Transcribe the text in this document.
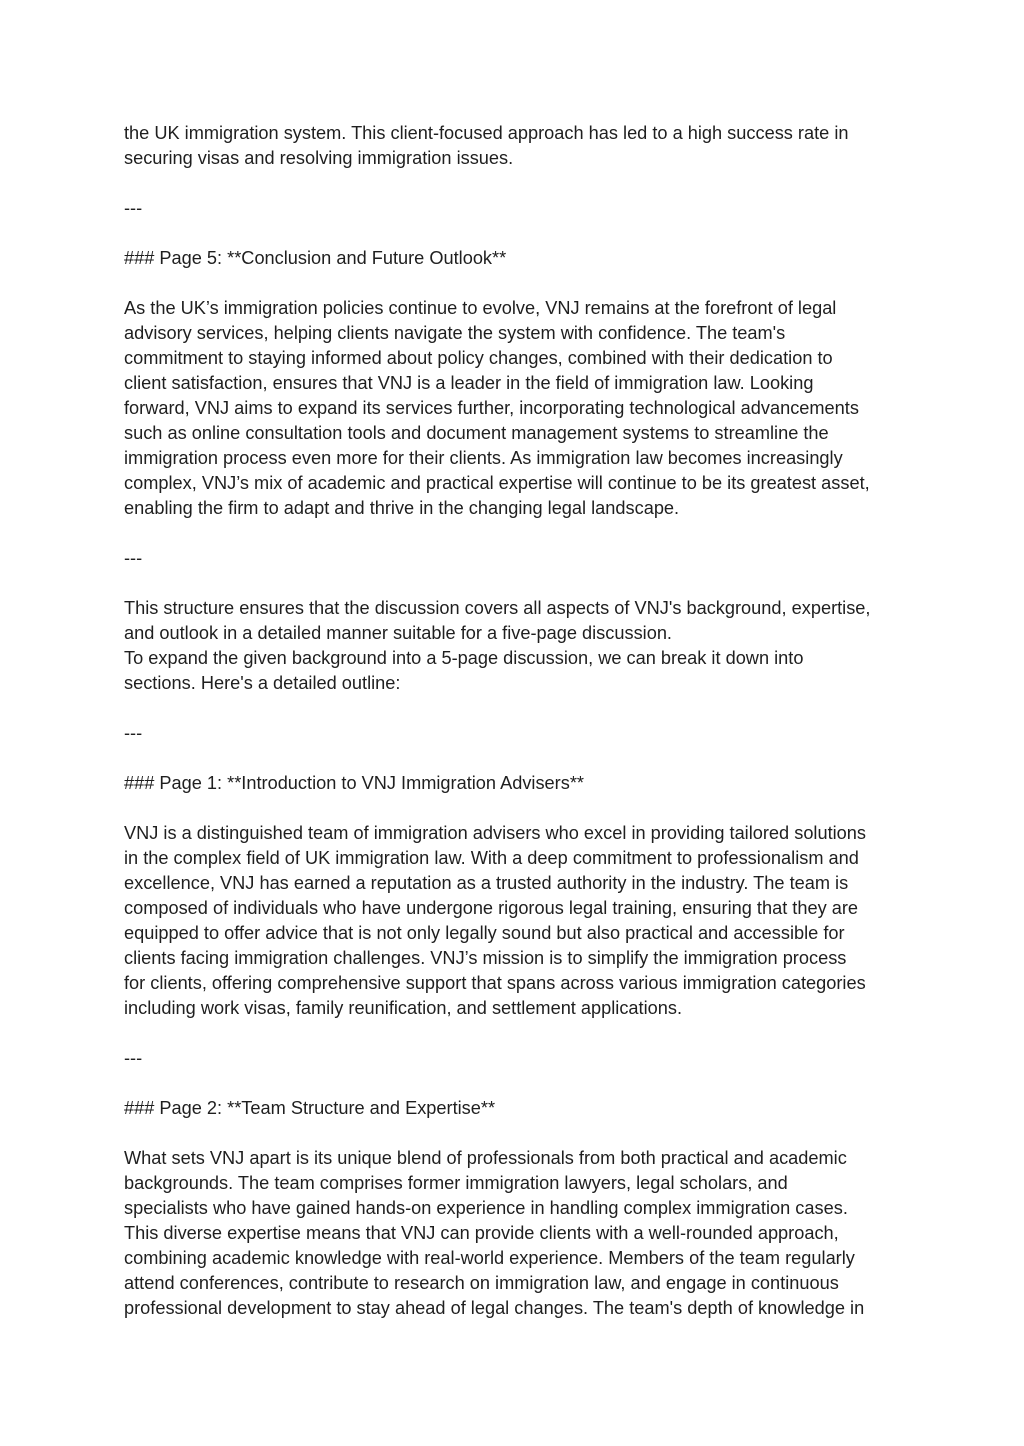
the UK immigration system. This client-focused approach has led to a high success rate in
securing visas and resolving immigration issues.

---

### Page 5: **Conclusion and Future Outlook**

As the UK’s immigration policies continue to evolve, VNJ remains at the forefront of legal
advisory services, helping clients navigate the system with confidence. The team's
commitment to staying informed about policy changes, combined with their dedication to
client satisfaction, ensures that VNJ is a leader in the field of immigration law. Looking
forward, VNJ aims to expand its services further, incorporating technological advancements
such as online consultation tools and document management systems to streamline the
immigration process even more for their clients. As immigration law becomes increasingly
complex, VNJ’s mix of academic and practical expertise will continue to be its greatest asset,
enabling the firm to adapt and thrive in the changing legal landscape.

---

This structure ensures that the discussion covers all aspects of VNJ's background, expertise,
and outlook in a detailed manner suitable for a five-page discussion.
To expand the given background into a 5-page discussion, we can break it down into
sections. Here's a detailed outline:

---

### Page 1: **Introduction to VNJ Immigration Advisers**

VNJ is a distinguished team of immigration advisers who excel in providing tailored solutions
in the complex field of UK immigration law. With a deep commitment to professionalism and
excellence, VNJ has earned a reputation as a trusted authority in the industry. The team is
composed of individuals who have undergone rigorous legal training, ensuring that they are
equipped to offer advice that is not only legally sound but also practical and accessible for
clients facing immigration challenges. VNJ’s mission is to simplify the immigration process
for clients, offering comprehensive support that spans across various immigration categories
including work visas, family reunification, and settlement applications.

---

### Page 2: **Team Structure and Expertise**

What sets VNJ apart is its unique blend of professionals from both practical and academic
backgrounds. The team comprises former immigration lawyers, legal scholars, and
specialists who have gained hands-on experience in handling complex immigration cases.
This diverse expertise means that VNJ can provide clients with a well-rounded approach,
combining academic knowledge with real-world experience. Members of the team regularly
attend conferences, contribute to research on immigration law, and engage in continuous
professional development to stay ahead of legal changes. The team's depth of knowledge in
